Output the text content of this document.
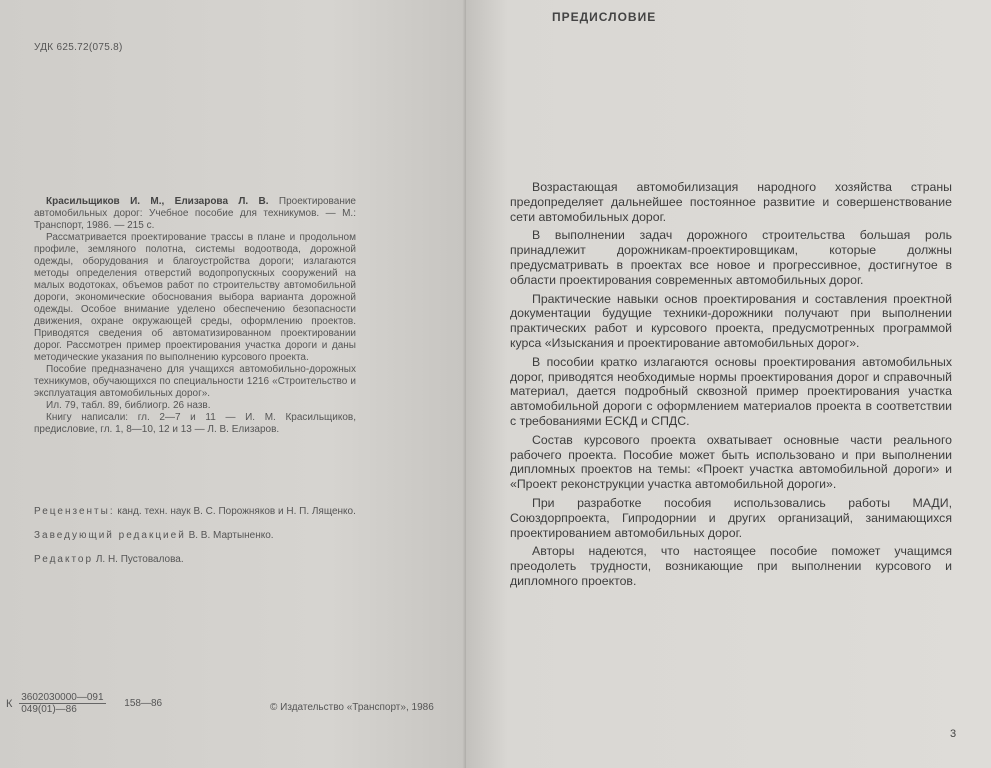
УДК 625.72(075.8)

Красильщиков И. М., Елизарова Л. В. Проектирование автомобильных дорог: Учебное пособие для техникумов. — М.: Транспорт, 1986. — 215 с.

Рассматривается проектирование трассы в плане и продольном профиле, земляного полотна, системы водоотвода, дорожной одежды, оборудования и благоустройства дороги; излагаются методы определения отверстий водопропускных сооружений на малых водотоках, объемов работ по строительству автомобильной дороги, экономические обоснования выбора варианта дорожной одежды. Особое внимание уделено обеспечению безопасности движения, охране окружающей среды, оформлению проектов. Приводятся сведения об автоматизированном проектировании дорог. Рассмотрен пример проектирования участка дороги и даны методические указания по выполнению курсового проекта.

Пособие предназначено для учащихся автомобильно-дорожных техникумов, обучающихся по специальности 1216 «Строительство и эксплуатация автомобильных дорог».

Ил. 79, табл. 89, библиогр. 26 назв.

Книгу написали: гл. 2—7 и 11 — И. М. Красильщиков, предисловие, гл. 1, 8—10, 12 и 13 — Л. В. Елизаров.

Рецензенты: канд. техн. наук В. С. Порожняков и Н. П. Лященко.

Заведующий редакцией В. В. Мартыненко.

Редактор Л. Н. Пустовалова.

К $\frac{3602030000—091}{049(01)—86}$ 158—86	© Издательство «Транспорт», 1986
ПРЕДИСЛОВИЕ

Возрастающая автомобилизация народного хозяйства страны предопределяет дальнейшее постоянное развитие и совершенствование сети автомобильных дорог.

В выполнении задач дорожного строительства большая роль принадлежит дорожникам-проектировщикам, которые должны предусматривать в проектах все новое и прогрессивное, достигнутое в области проектирования современных автомобильных дорог.

Практические навыки основ проектирования и составления проектной документации будущие техники-дорожники получают при выполнении практических работ и курсового проекта, предусмотренных программой курса «Изыскания и проектирование автомобильных дорог».

В пособии кратко излагаются основы проектирования автомобильных дорог, приводятся необходимые нормы проектирования дорог и справочный материал, дается подробный сквозной пример проектирования участка автомобильной дороги с оформлением материалов проекта в соответствии с требованиями ЕСКД и СПДС.

Состав курсового проекта охватывает основные части реального рабочего проекта. Пособие может быть использовано и при выполнении дипломных проектов на темы: «Проект участка автомобильной дороги» и «Проект реконструкции участка автомобильной дороги».

При разработке пособия использовались работы МАДИ, Союздорпроекта, Гипродорнии и других организаций, занимающихся проектированием автомобильных дорог.

Авторы надеются, что настоящее пособие поможет учащимся преодолеть трудности, возникающие при выполнении курсового и дипломного проектов.

3
